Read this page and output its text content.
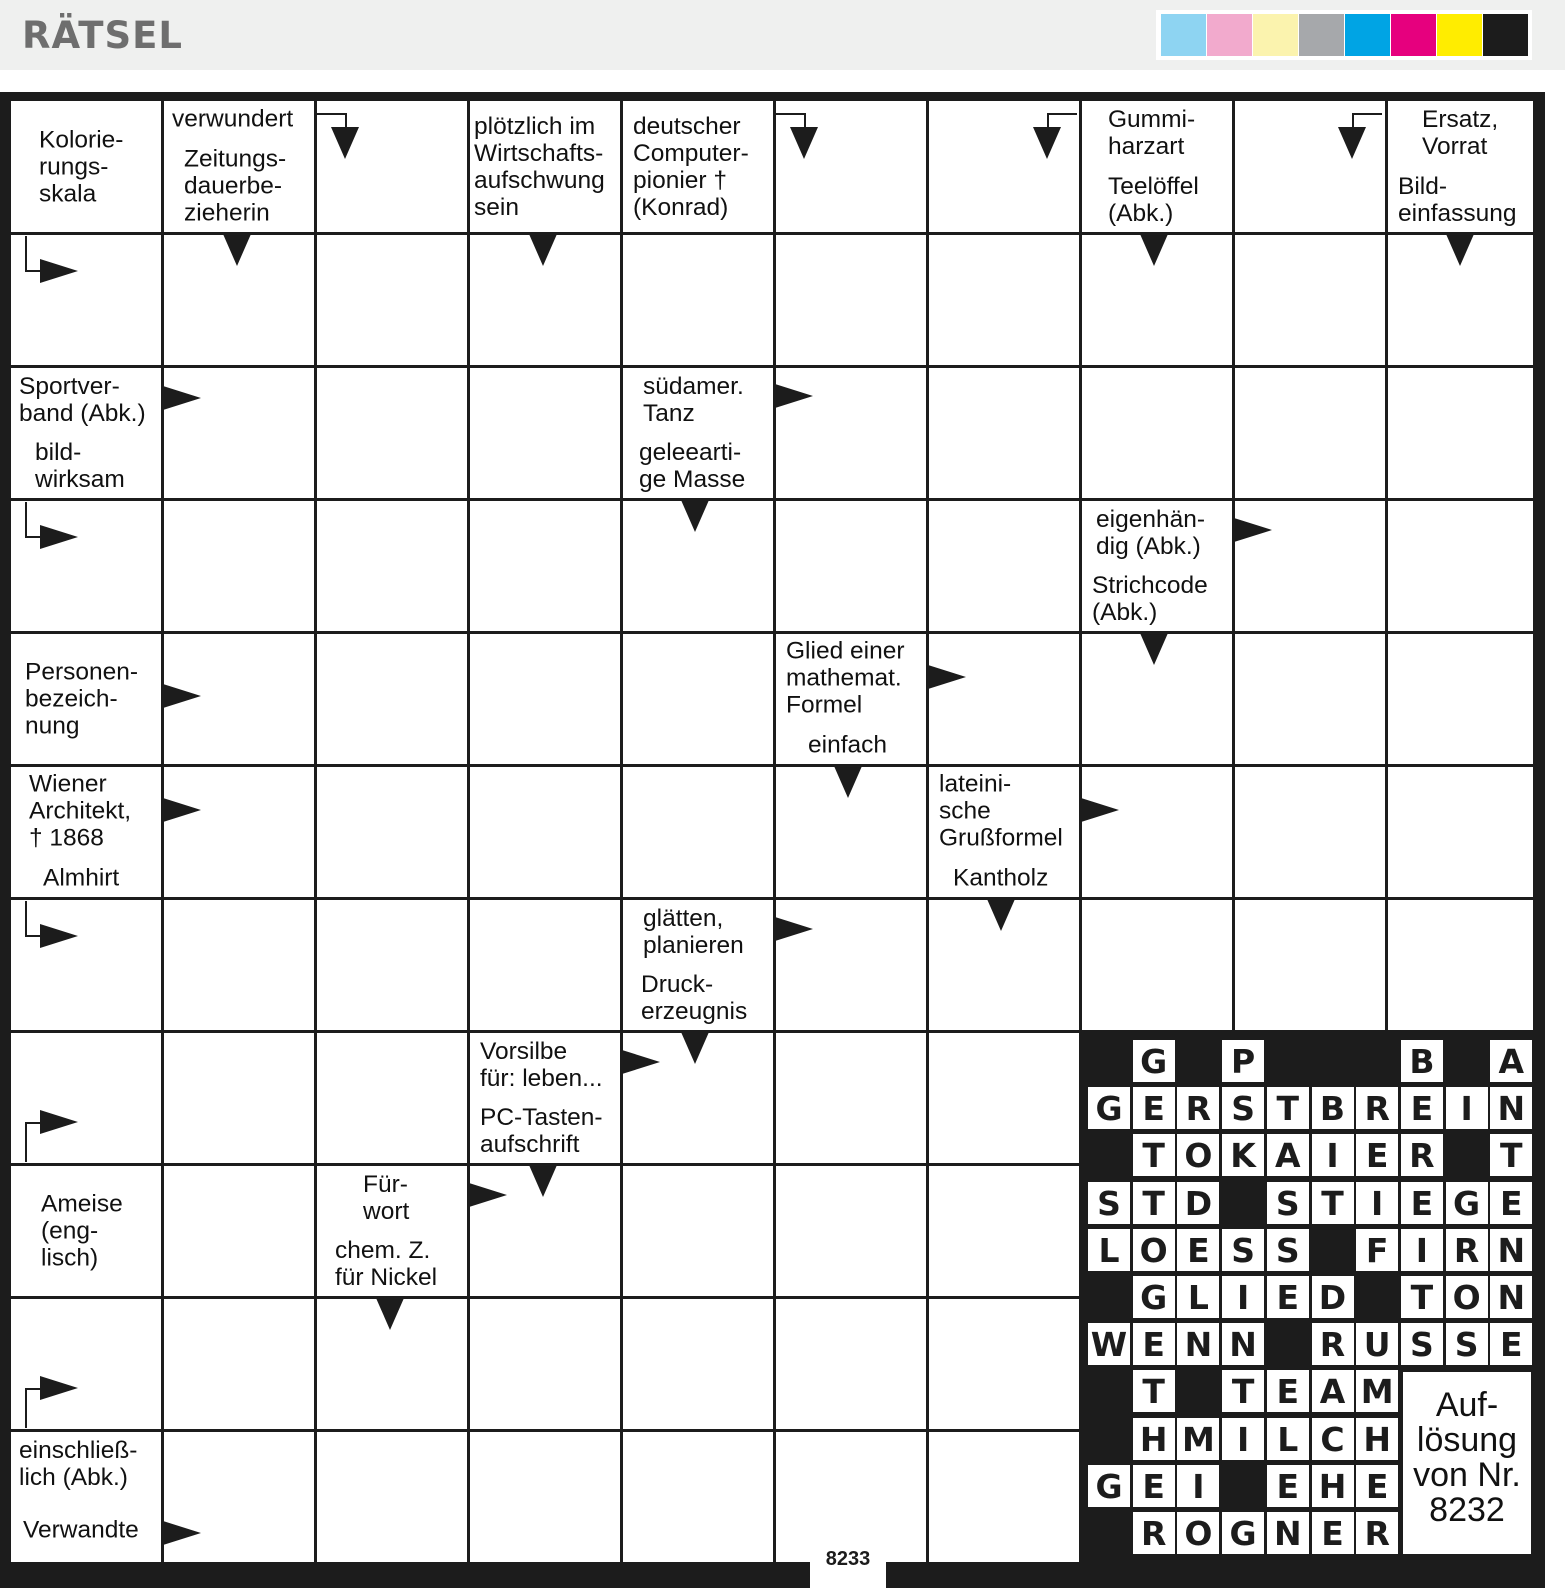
RÄTSEL
Kolorie-
rungs-
skala
verwundert
Zeitungs-
dauerbe-
zieherin
plötzlich im
Wirtschafts-
aufschwung
sein
deutscher
Computer-
pionier †
(Konrad)
Gummi-
harzart
Teelöffel
(Abk.)
Ersatz,
Vorrat
Bild-
einfassung
Sportver-
band (Abk.)
bild-
wirksam
südamer.
Tanz
geleearti-
ge Masse
eigenhän-
dig (Abk.)
Strichcode
(Abk.)
Personen-
bezeich-
nung
Glied einer
mathemat.
Formel
einfach
Wiener
Architekt,
† 1868
Almhirt
lateini-
sche
Grußformel
Kantholz
glätten,
planieren
Druck-
erzeugnis
Vorsilbe
für: leben...
PC-Tasten-
aufschrift
Ameise
(eng-
lisch)
Für-
wort
chem. Z.
für Nickel
einschließ-
lich (Abk.)
Verwandte
G P	B A
G E R S T B R E I N
T O K A I E R T
S T D S T I E G E
L O E S S F I R N
G L I E D T O N
W E N N R U S S E
T T E A M
H M I L C H
G E I	E H E
R O G N E R
Auf-
lösung
von Nr.
8232
8233
